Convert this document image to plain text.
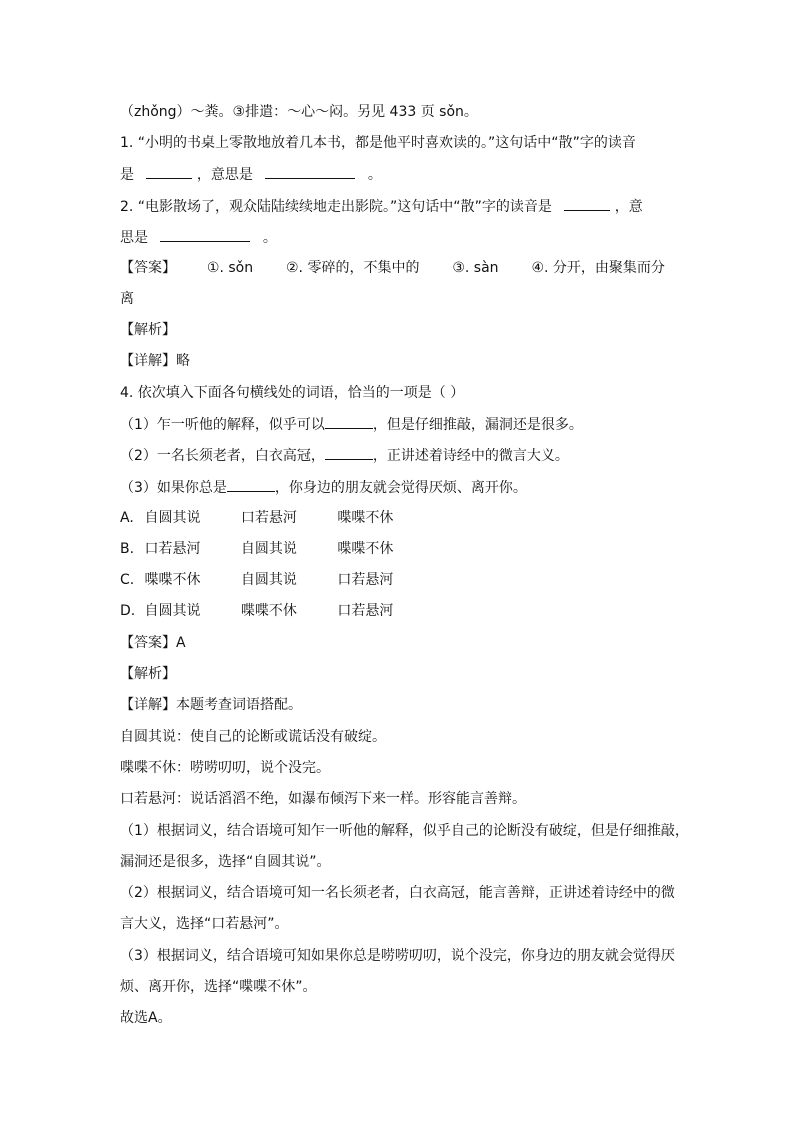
（zhǒng）～粪。③排遣：～心～闷。另见 433 页 sǒn。
1. “小明的书桌上零散地放着几本书，都是他平时喜欢读的。”这句话中“散”字的读音
是	，意思是	。
2. “电影散场了，观众陆陆续续地走出影院。”这句话中“散”字的读音是	，意
思是	。
【答案】 ①. sǒn ②. 零碎的，不集中的 ③. sàn ④. 分开，由聚集而分
离
【解析】
【详解】略
4. 依次填入下面各句横线处的词语，恰当的一项是（ ）
（1）乍一听他的解释，似乎可以	，但是仔细推敲，漏洞还是很多。
（2）一名长须老者，白衣高冠，	，正讲述着诗经中的微言大义。
（3）如果你总是	，你身边的朋友就会觉得厌烦、离开你。
A. 自圆其说	口若悬河	喋喋不休
B. 口若悬河	自圆其说	喋喋不休
C. 喋喋不休	自圆其说	口若悬河
D. 自圆其说	喋喋不休	口若悬河
【答案】A
【解析】
【详解】本题考查词语搭配。
自圆其说：使自己的论断或谎话没有破绽。
喋喋不休：唠唠叨叨，说个没完。
口若悬河：说话滔滔不绝，如瀑布倾泻下来一样。形容能言善辩。
（1）根据词义，结合语境可知乍一听他的解释，似乎自己的论断没有破绽，但是仔细推敲，
漏洞还是很多，选择“自圆其说”。
（2）根据词义，结合语境可知一名长须老者，白衣高冠，能言善辩，正讲述着诗经中的微
言大义，选择“口若悬河”。
（3）根据词义，结合语境可知如果你总是唠唠叨叨，说个没完，你身边的朋友就会觉得厌
烦、离开你，选择“喋喋不休”。
故选A。
